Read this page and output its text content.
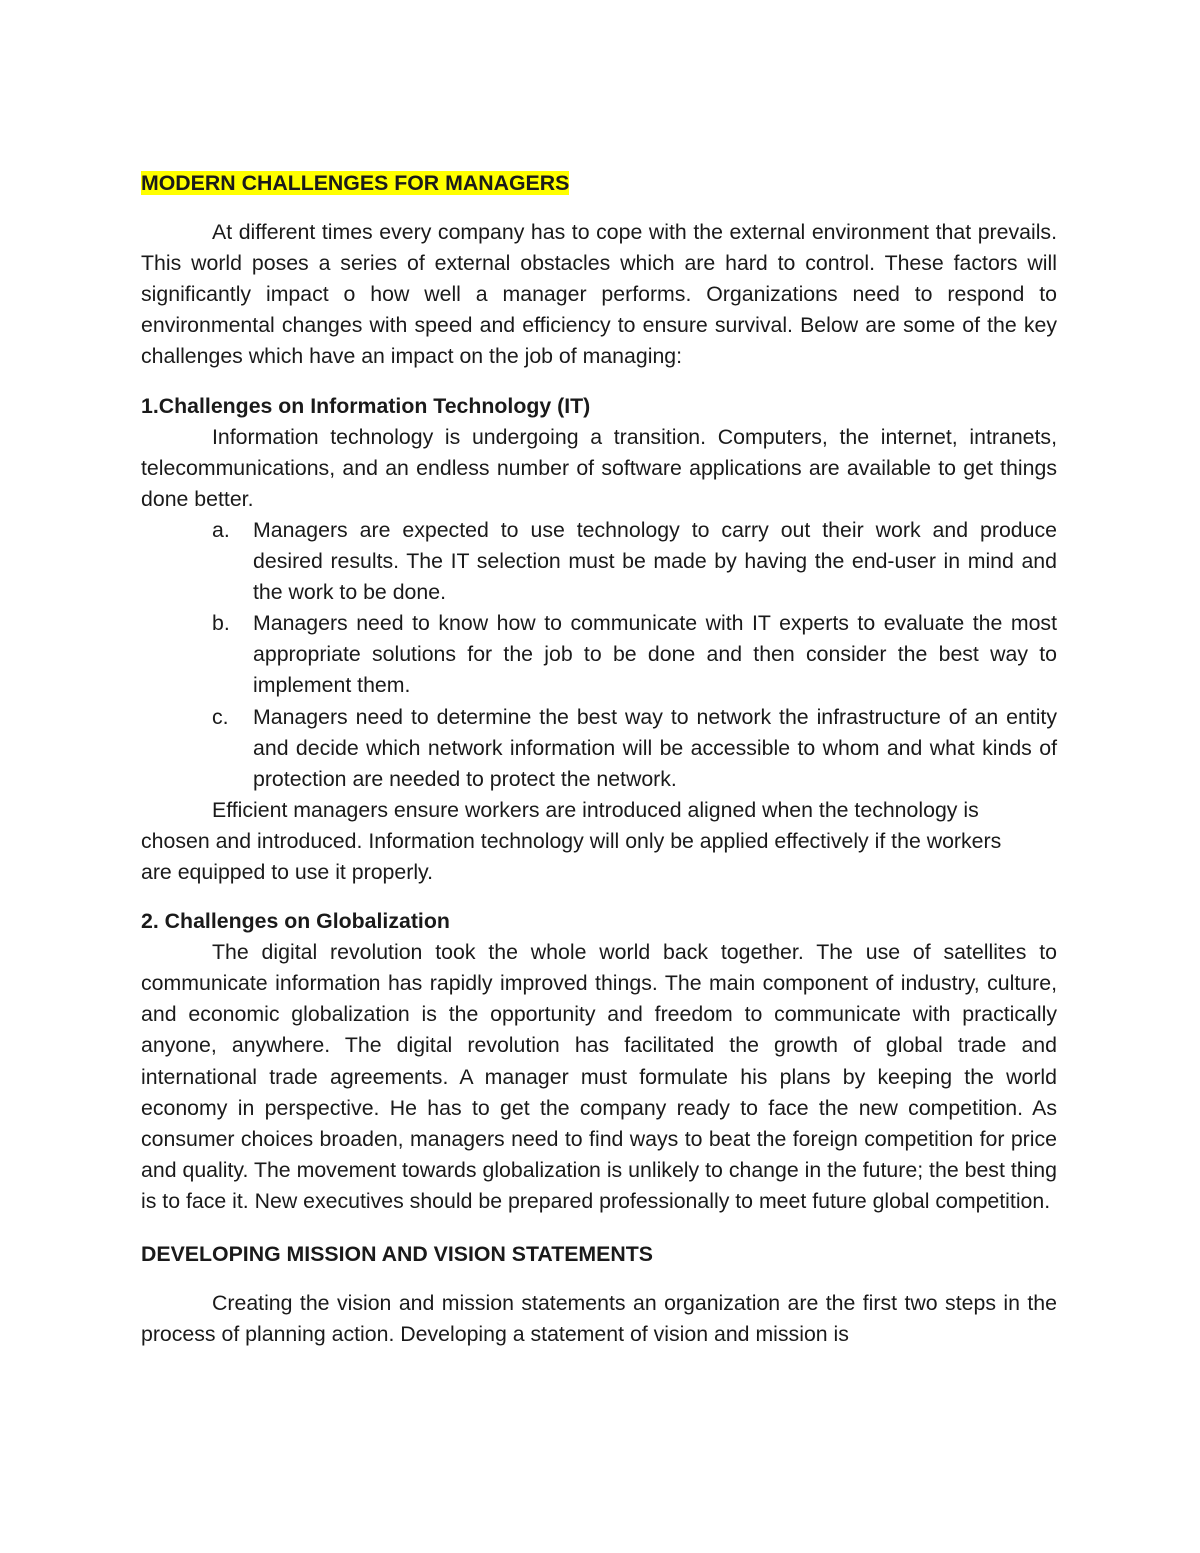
MODERN CHALLENGES FOR MANAGERS

At different times every company has to cope with the external environment that prevails. This world poses a series of external obstacles which are hard to control. These factors will significantly impact o how well a manager performs. Organizations need to respond to environmental changes with speed and efficiency to ensure survival. Below are some of the key challenges which have an impact on the job of managing:

1.Challenges on Information Technology (IT)

Information technology is undergoing a transition. Computers, the internet, intranets, telecommunications, and an endless number of software applications are available to get things done better.

a. Managers are expected to use technology to carry out their work and produce desired results. The IT selection must be made by having the end-user in mind and the work to be done.
b. Managers need to know how to communicate with IT experts to evaluate the most appropriate solutions for the job to be done and then consider the best way to implement them.
c. Managers need to determine the best way to network the infrastructure of an entity and decide which network information will be accessible to whom and what kinds of protection are needed to protect the network.

Efficient managers ensure workers are introduced aligned when the technology is chosen and introduced. Information technology will only be applied effectively if the workers are equipped to use it properly.

2. Challenges on Globalization

The digital revolution took the whole world back together. The use of satellites to communicate information has rapidly improved things. The main component of industry, culture, and economic globalization is the opportunity and freedom to communicate with practically anyone, anywhere. The digital revolution has facilitated the growth of global trade and international trade agreements. A manager must formulate his plans by keeping the world economy in perspective. He has to get the company ready to face the new competition. As consumer choices broaden, managers need to find ways to beat the foreign competition for price and quality. The movement towards globalization is unlikely to change in the future; the best thing is to face it. New executives should be prepared professionally to meet future global competition.

DEVELOPING MISSION AND VISION STATEMENTS

Creating the vision and mission statements an organization are the first two steps in the process of planning action. Developing a statement of vision and mission is
